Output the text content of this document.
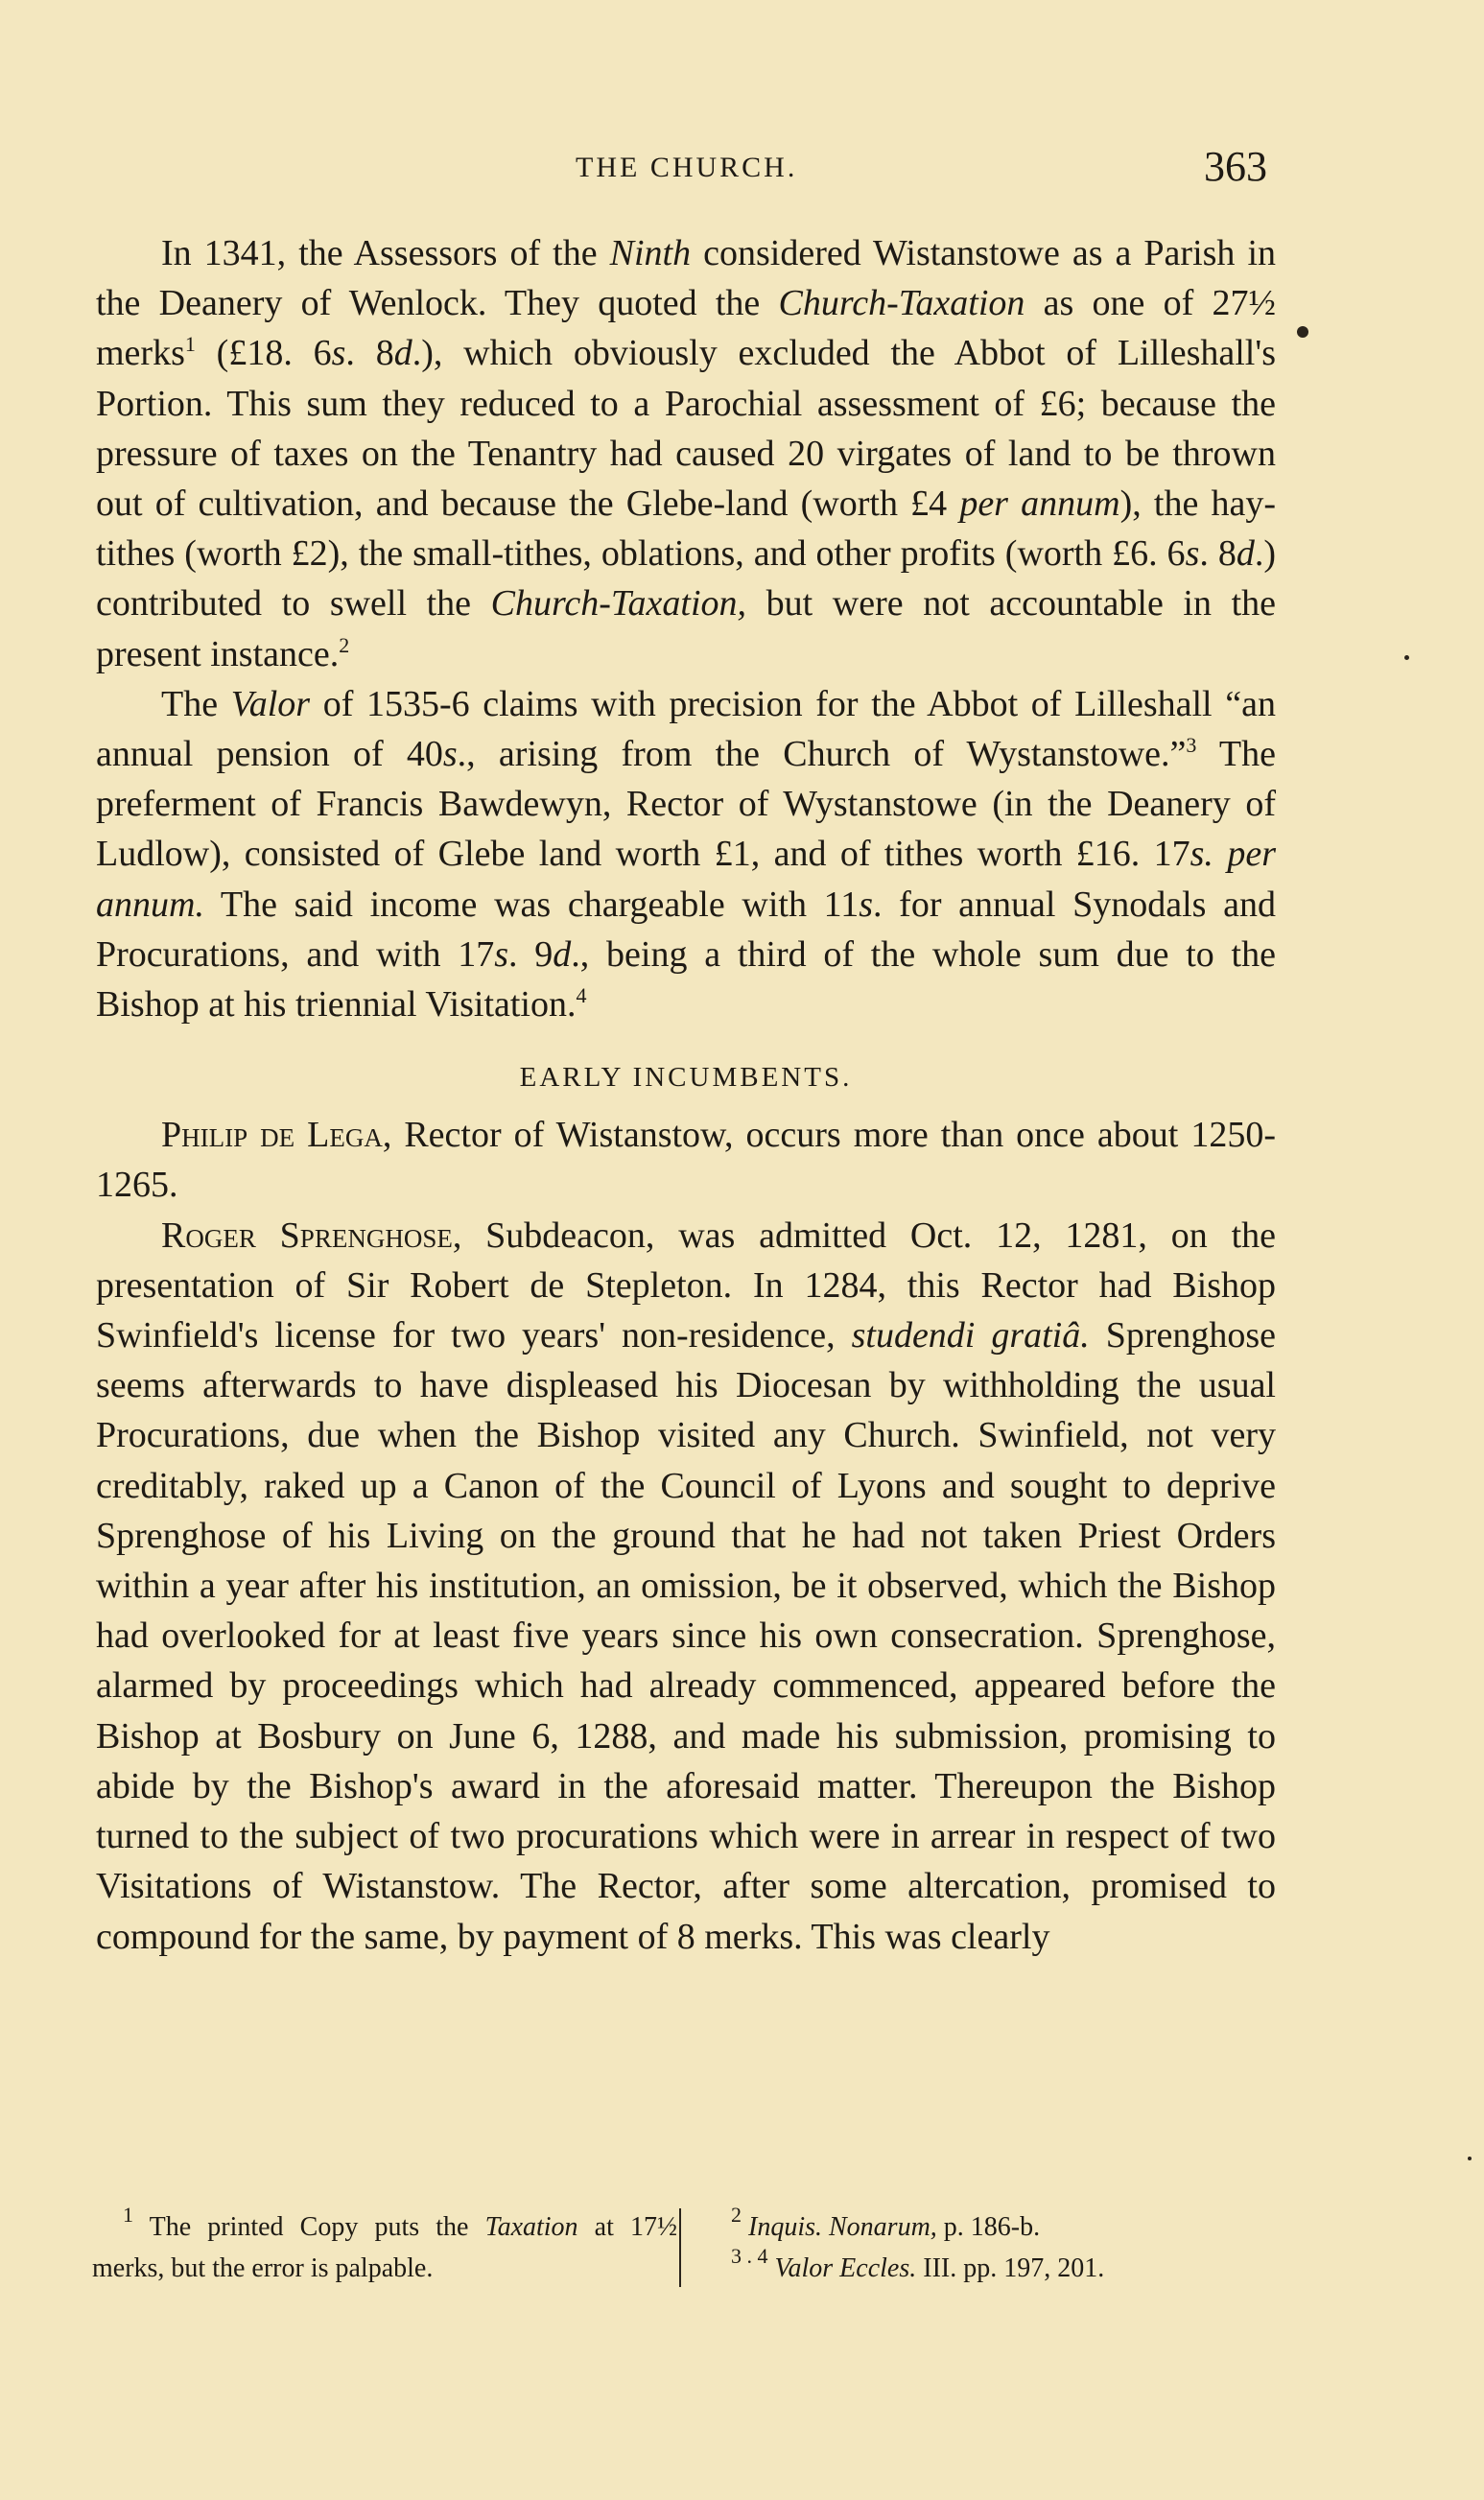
THE CHURCH.	363

In 1341, the Assessors of the Ninth considered Wistanstowe as a Parish in the Deanery of Wenlock. They quoted the Church-Taxation as one of 27½ merks$^1$ (£18. 6s. 8d.), which obviously excluded the Abbot of Lilleshall's Portion. This sum they reduced to a Parochial assessment of £6; because the pressure of taxes on the Tenantry had caused 20 virgates of land to be thrown out of cultivation, and because the Glebe-land (worth £4 per annum), the hay-tithes (worth £2), the small-tithes, oblations, and other profits (worth £6. 6s. 8d.) contributed to swell the Church-Taxation, but were not accountable in the present instance.$^2$

The Valor of 1535-6 claims with precision for the Abbot of Lilleshall “an annual pension of 40s., arising from the Church of Wystanstowe.”$^3$ The preferment of Francis Bawdewyn, Rector of Wystanstowe (in the Deanery of Ludlow), consisted of Glebe land worth £1, and of tithes worth £16. 17s. per annum. The said income was chargeable with 11s. for annual Synodals and Procurations, and with 17s. 9d., being a third of the whole sum due to the Bishop at his triennial Visitation.$^4$

EARLY INCUMBENTS.

Philip de Lega, Rector of Wistanstow, occurs more than once about 1250-1265.

Roger Sprenghose, Subdeacon, was admitted Oct. 12, 1281, on the presentation of Sir Robert de Stepleton. In 1284, this Rector had Bishop Swinfield's license for two years' non-residence, studendi gratiâ. Sprenghose seems afterwards to have displeased his Diocesan by withholding the usual Procurations, due when the Bishop visited any Church. Swinfield, not very creditably, raked up a Canon of the Council of Lyons and sought to deprive Sprenghose of his Living on the ground that he had not taken Priest Orders within a year after his institution, an omission, be it observed, which the Bishop had overlooked for at least five years since his own consecration. Sprenghose, alarmed by proceedings which had already commenced, appeared before the Bishop at Bosbury on June 6, 1288, and made his submission, promising to abide by the Bishop's award in the aforesaid matter. Thereupon the Bishop turned to the subject of two procurations which were in arrear in respect of two Visitations of Wistanstow. The Rector, after some altercation, promised to compound for the same, by payment of 8 merks. This was clearly

$^1$ The printed Copy puts the Taxation at 17½ merks, but the error is palpable.
$^2$ Inquis. Nonarum, p. 186-b.
$^{3 . 4}$ Valor Eccles. III. pp. 197, 201.
